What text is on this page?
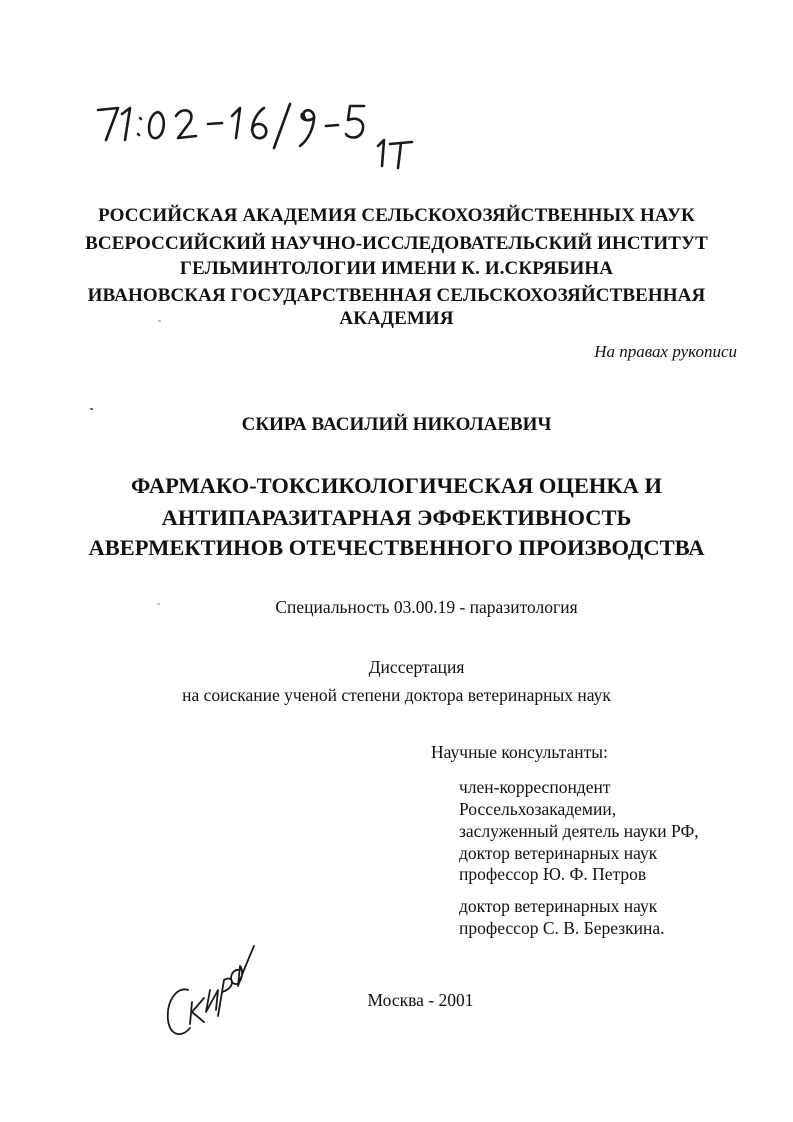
РОССИЙСКАЯ АКАДЕМИЯ СЕЛЬСКОХОЗЯЙСТВЕННЫХ НАУК
ВСЕРОССИЙСКИЙ НАУЧНО-ИССЛЕДОВАТЕЛЬСКИЙ ИНСТИТУТ
ГЕЛЬМИНТОЛОГИИ ИМЕНИ К. И.СКРЯБИНА
ИВАНОВСКАЯ ГОСУДАРСТВЕННАЯ СЕЛЬСКОХОЗЯЙСТВЕННАЯ
АКАДЕМИЯ
На правах рукописи
СКИРА ВАСИЛИЙ НИКОЛАЕВИЧ
ФАРМАКО-ТОКСИКОЛОГИЧЕСКАЯ ОЦЕНКА И
АНТИПАРАЗИТАРНАЯ ЭФФЕКТИВНОСТЬ
АВЕРМЕКТИНОВ ОТЕЧЕСТВЕННОГО ПРОИЗВОДСТВА
Специальность 03.00.19 - паразитология
Диссертация
на соискание ученой степени доктора ветеринарных наук
Научные консультанты:
член-корреспондент
Россельхозакадемии,
заслуженный деятель науки РФ,
доктор ветеринарных наук
профессор Ю. Ф. Петров
доктор ветеринарных наук
профессор С. В. Березкина.
Москва - 2001
